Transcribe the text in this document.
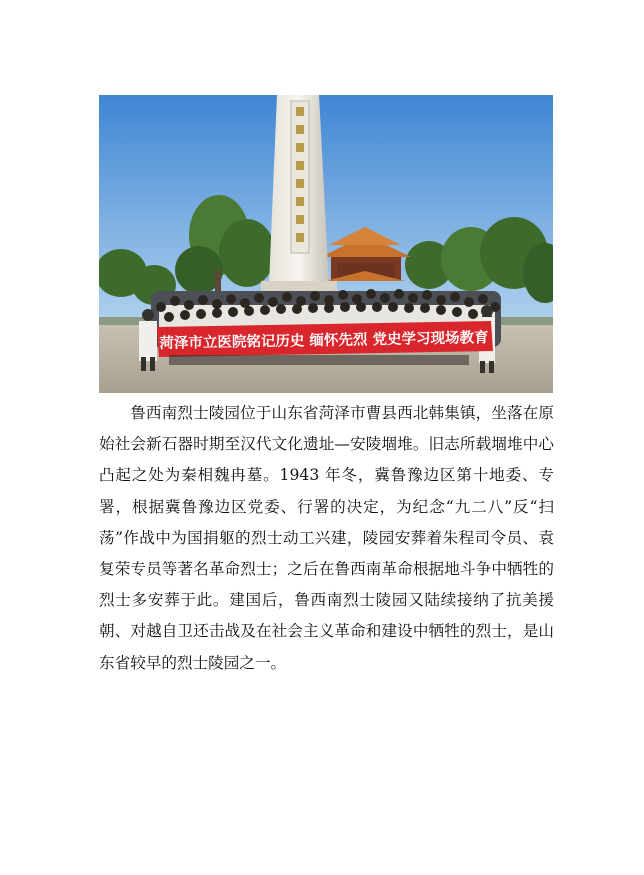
菏泽市立医院铭记历史 缅怀先烈 党史学习现场教育

鲁西南烈士陵园位于山东省菏泽市曹县西北韩集镇，坐落在原始社会新石器时期至汉代文化遗址—安陵堌堆。旧志所载堌堆中心凸起之处为秦相魏冉墓。1943 年冬，冀鲁豫边区第十地委、专署，根据冀鲁豫边区党委、行署的决定，为纪念“九二八”反“扫荡”作战中为国捐躯的烈士动工兴建，陵园安葬着朱程司令员、袁复荣专员等著名革命烈士；之后在鲁西南革命根据地斗争中牺牲的烈士多安葬于此。建国后，鲁西南烈士陵园又陆续接纳了抗美援朝、对越自卫还击战及在社会主义革命和建设中牺牲的烈士，是山东省较早的烈士陵园之一。
